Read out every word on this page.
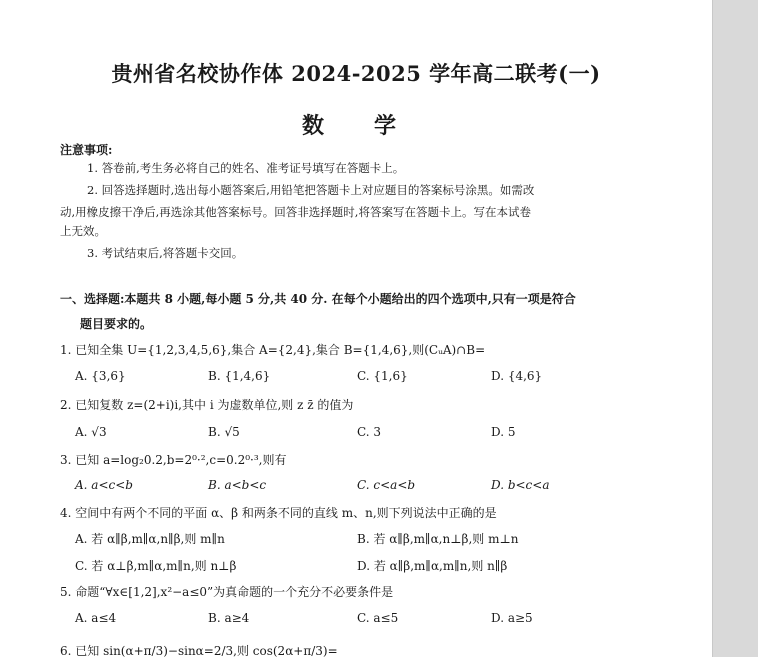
贵州省名校协作体 2024-2025 学年高二联考(一)
数　学
注意事项:
1. 答卷前,考生务必将自己的姓名、准考证号填写在答题卡上。
2. 回答选择题时,选出每小题答案后,用铅笔把答题卡上对应题目的答案标号涂黑。如需改
动,用橡皮擦干净后,再选涂其他答案标号。回答非选择题时,将答案写在答题卡上。写在本试卷
上无效。
3. 考试结束后,将答题卡交回。
一、选择题:本题共 8 小题,每小题 5 分,共 40 分. 在每个小题给出的四个选项中,只有一项是符合
题目要求的。
1. 已知全集 U={1,2,3,4,5,6},集合 A={2,4},集合 B={1,4,6},则(CᵤA)∩B=
A. {3,6}	B. {1,4,6}	C. {1,6}	D. {4,6}
2. 已知复数 z=(2+i)i,其中 i 为虚数单位,则 z z̄ 的值为
A. √3	B. √5	C. 3	D. 5
3. 已知 a=log₂0.2,b=2⁰·²,c=0.2⁰·³,则有
A. a<c<b	B. a<b<c	C. c<a<b	D. b<c<a
4. 空间中有两个不同的平面 α、β 和两条不同的直线 m、n,则下列说法中正确的是
A. 若 α∥β,m∥α,n∥β,则 m∥n	B. 若 α∥β,m∥α,n⊥β,则 m⊥n
C. 若 α⊥β,m∥α,m∥n,则 n⊥β	D. 若 α∥β,m∥α,m∥n,则 n∥β
5. 命题“∀x∈[1,2],x²−a≤0”为真命题的一个充分不必要条件是
A. a≤4	B. a≥4	C. a≤5	D. a≥5
6. 已知 sin(α+π/3)−sinα=2/3,则 cos(2α+π/3)=
